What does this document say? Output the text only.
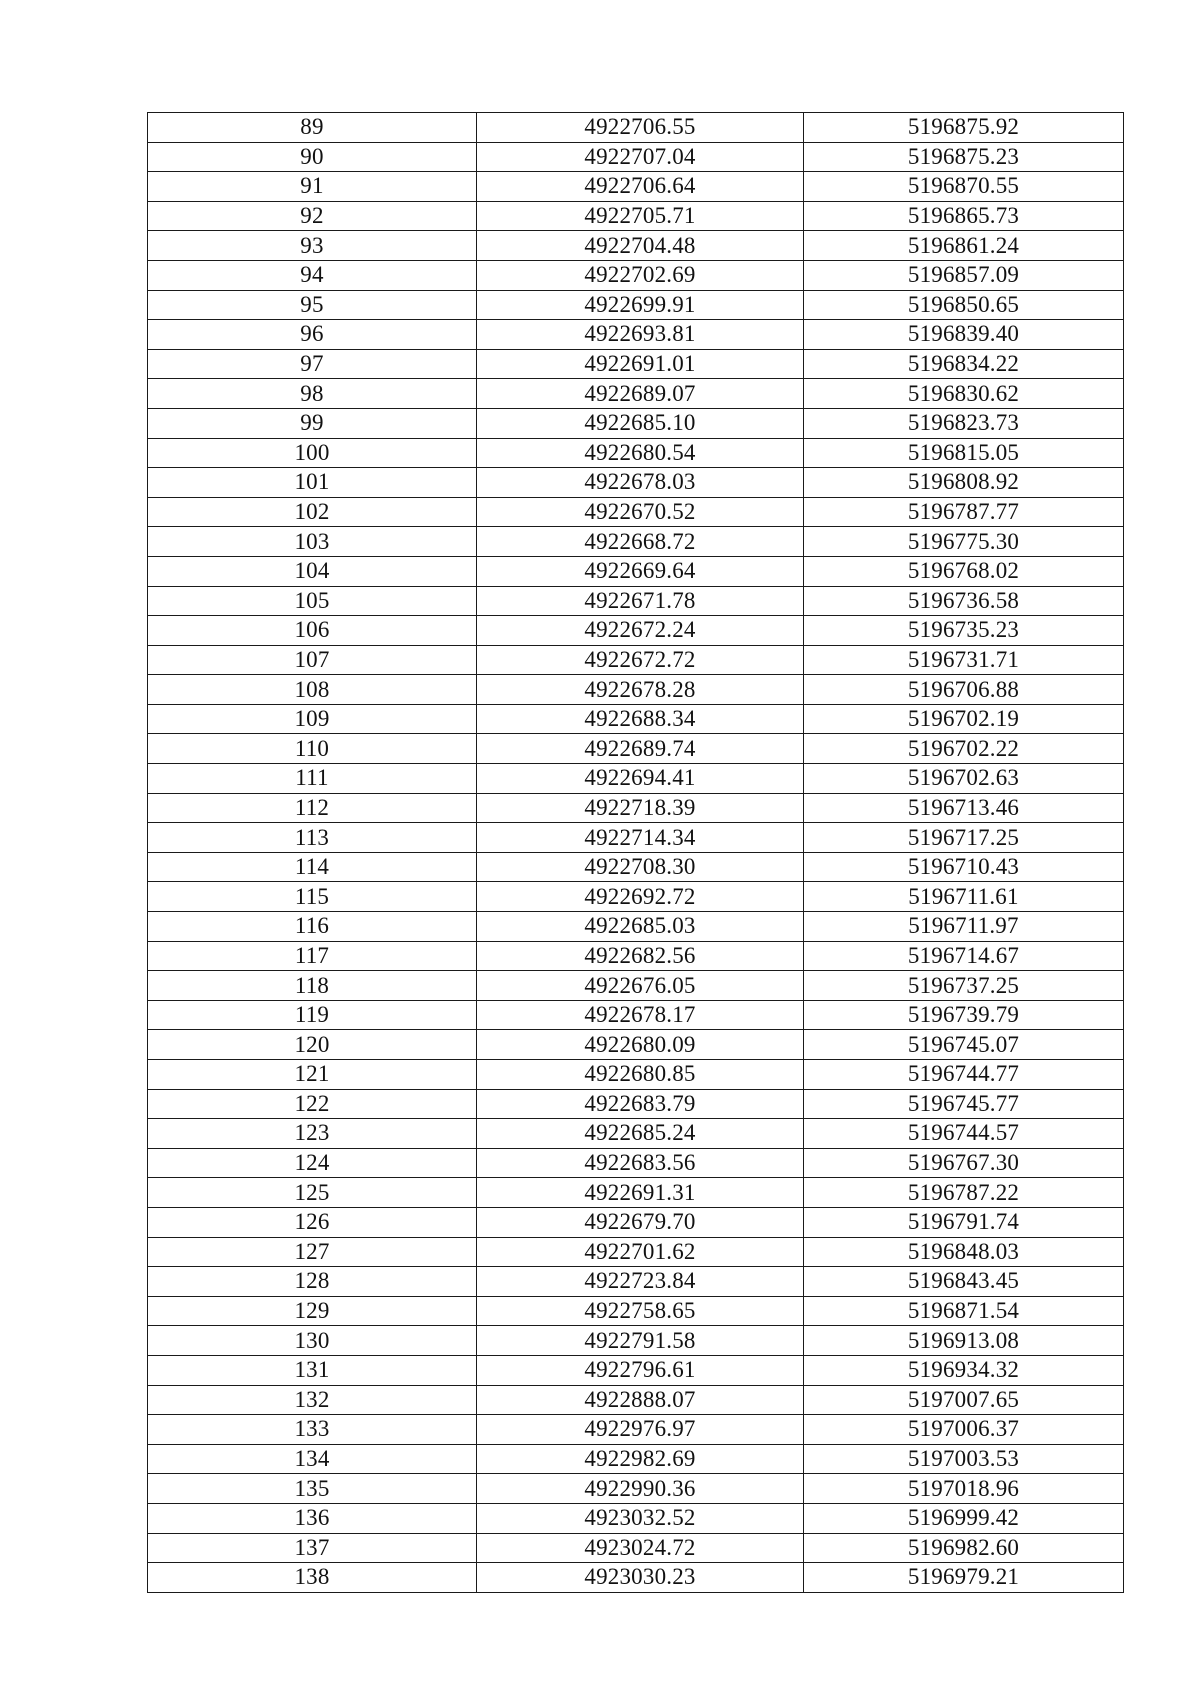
89	4922706.55	5196875.92
90	4922707.04	5196875.23
91	4922706.64	5196870.55
92	4922705.71	5196865.73
93	4922704.48	5196861.24
94	4922702.69	5196857.09
95	4922699.91	5196850.65
96	4922693.81	5196839.40
97	4922691.01	5196834.22
98	4922689.07	5196830.62
99	4922685.10	5196823.73
100	4922680.54	5196815.05
101	4922678.03	5196808.92
102	4922670.52	5196787.77
103	4922668.72	5196775.30
104	4922669.64	5196768.02
105	4922671.78	5196736.58
106	4922672.24	5196735.23
107	4922672.72	5196731.71
108	4922678.28	5196706.88
109	4922688.34	5196702.19
110	4922689.74	5196702.22
111	4922694.41	5196702.63
112	4922718.39	5196713.46
113	4922714.34	5196717.25
114	4922708.30	5196710.43
115	4922692.72	5196711.61
116	4922685.03	5196711.97
117	4922682.56	5196714.67
118	4922676.05	5196737.25
119	4922678.17	5196739.79
120	4922680.09	5196745.07
121	4922680.85	5196744.77
122	4922683.79	5196745.77
123	4922685.24	5196744.57
124	4922683.56	5196767.30
125	4922691.31	5196787.22
126	4922679.70	5196791.74
127	4922701.62	5196848.03
128	4922723.84	5196843.45
129	4922758.65	5196871.54
130	4922791.58	5196913.08
131	4922796.61	5196934.32
132	4922888.07	5197007.65
133	4922976.97	5197006.37
134	4922982.69	5197003.53
135	4922990.36	5197018.96
136	4923032.52	5196999.42
137	4923024.72	5196982.60
138	4923030.23	5196979.21
